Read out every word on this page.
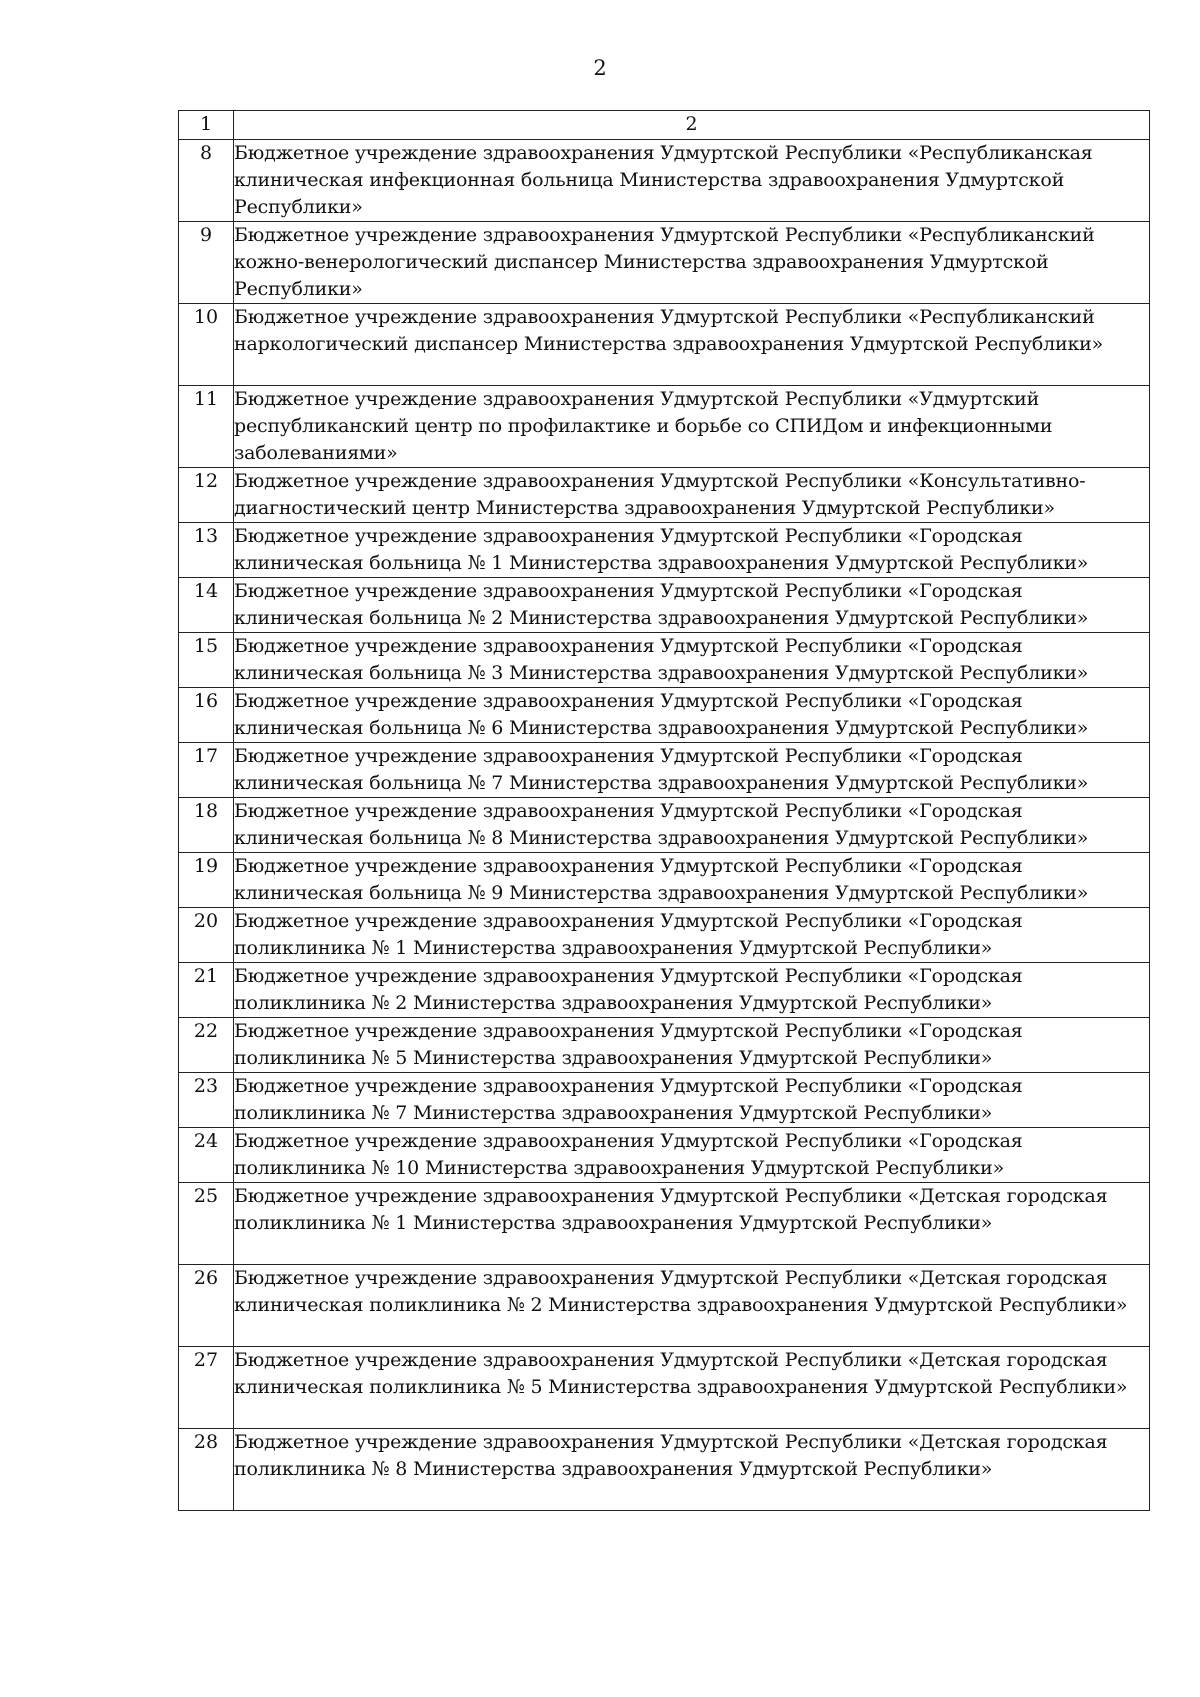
2
1	2
8	Бюджетное учреждение здравоохранения Удмуртской Республики «Республиканская клиническая инфекционная больница Министерства здравоохранения Удмуртской Республики»
9	Бюджетное учреждение здравоохранения Удмуртской Республики «Республиканский кожно-венерологический диспансер Министерства здравоохранения Удмуртской Республики»
10	Бюджетное учреждение здравоохранения Удмуртской Республики «Республиканский наркологический диспансер Министерства здравоохранения Удмуртской Республики»
11	Бюджетное учреждение здравоохранения Удмуртской Республики «Удмуртский республиканский центр по профилактике и борьбе со СПИДом и инфекционными заболеваниями»
12	Бюджетное учреждение здравоохранения Удмуртской Республики «Консультативно-диагностический центр Министерства здравоохранения Удмуртской Республики»
13	Бюджетное учреждение здравоохранения Удмуртской Республики «Городская клиническая больница № 1 Министерства здравоохранения Удмуртской Республики»
14	Бюджетное учреждение здравоохранения Удмуртской Республики «Городская клиническая больница № 2 Министерства здравоохранения Удмуртской Республики»
15	Бюджетное учреждение здравоохранения Удмуртской Республики «Городская клиническая больница № 3 Министерства здравоохранения Удмуртской Республики»
16	Бюджетное учреждение здравоохранения Удмуртской Республики «Городская клиническая больница № 6 Министерства здравоохранения Удмуртской Республики»
17	Бюджетное учреждение здравоохранения Удмуртской Республики «Городская клиническая больница № 7 Министерства здравоохранения Удмуртской Республики»
18	Бюджетное учреждение здравоохранения Удмуртской Республики «Городская клиническая больница № 8 Министерства здравоохранения Удмуртской Республики»
19	Бюджетное учреждение здравоохранения Удмуртской Республики «Городская клиническая больница № 9 Министерства здравоохранения Удмуртской Республики»
20	Бюджетное учреждение здравоохранения Удмуртской Республики «Городская поликлиника № 1 Министерства здравоохранения Удмуртской Республики»
21	Бюджетное учреждение здравоохранения Удмуртской Республики «Городская поликлиника № 2 Министерства здравоохранения Удмуртской Республики»
22	Бюджетное учреждение здравоохранения Удмуртской Республики «Городская поликлиника № 5 Министерства здравоохранения Удмуртской Республики»
23	Бюджетное учреждение здравоохранения Удмуртской Республики «Городская поликлиника № 7 Министерства здравоохранения Удмуртской Республики»
24	Бюджетное учреждение здравоохранения Удмуртской Республики «Городская поликлиника № 10 Министерства здравоохранения Удмуртской Республики»
25	Бюджетное учреждение здравоохранения Удмуртской Республики «Детская городская поликлиника № 1 Министерства здравоохранения Удмуртской Республики»
26	Бюджетное учреждение здравоохранения Удмуртской Республики «Детская городская клиническая поликлиника № 2 Министерства здравоохранения Удмуртской Республики»
27	Бюджетное учреждение здравоохранения Удмуртской Республики «Детская городская клиническая поликлиника № 5 Министерства здравоохранения Удмуртской Республики»
28	Бюджетное учреждение здравоохранения Удмуртской Республики «Детская городская поликлиника № 8 Министерства здравоохранения Удмуртской Республики»
